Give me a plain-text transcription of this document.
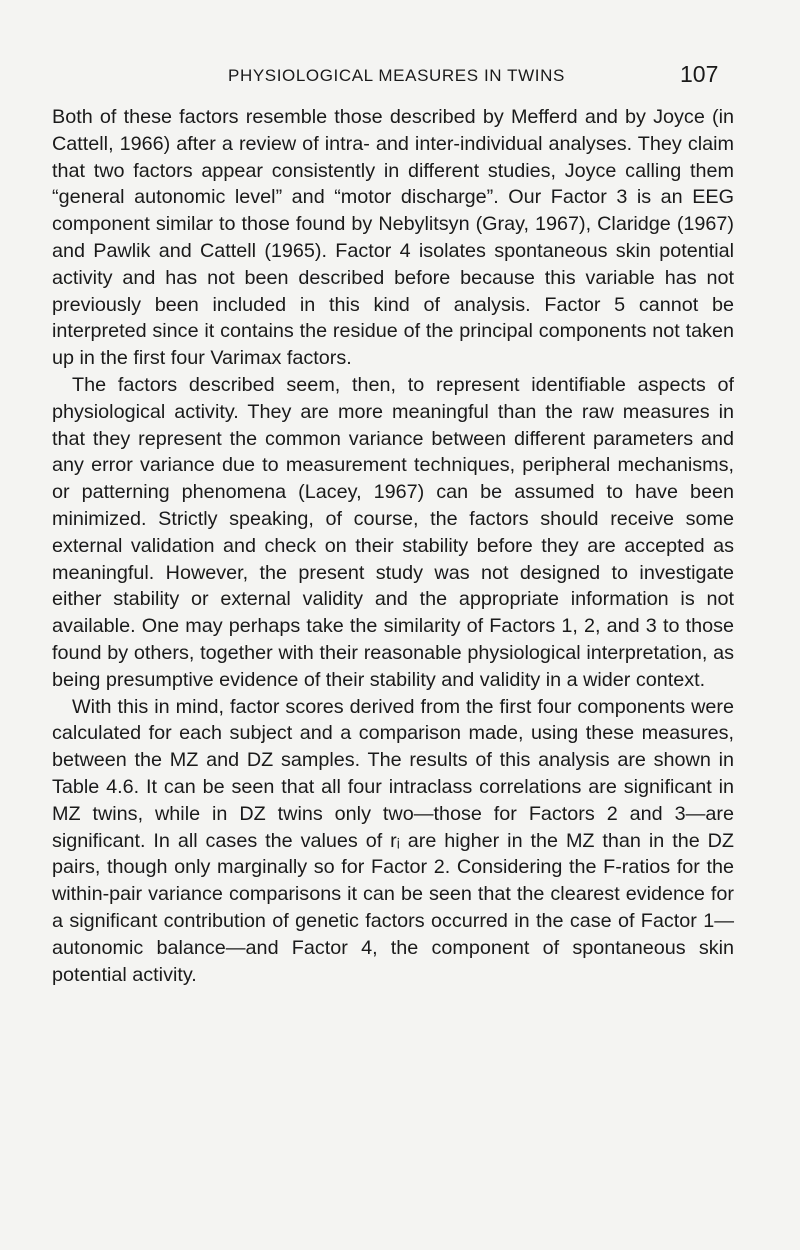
PHYSIOLOGICAL MEASURES IN TWINS	107

Both of these factors resemble those described by Mefferd and by Joyce (in Cattell, 1966) after a review of intra- and inter-individual analyses. They claim that two factors appear consistently in different studies, Joyce calling them “general autonomic level” and “motor discharge”. Our Factor 3 is an EEG component similar to those found by Nebylitsyn (Gray, 1967), Claridge (1967) and Pawlik and Cattell (1965). Factor 4 isolates spontaneous skin potential activity and has not been described before because this variable has not previously been included in this kind of analysis. Factor 5 cannot be interpreted since it contains the residue of the principal components not taken up in the first four Varimax factors.

The factors described seem, then, to represent identifiable aspects of physiological activity. They are more meaningful than the raw measures in that they represent the common variance between different parameters and any error variance due to measurement techniques, peripheral mechanisms, or patterning phenomena (Lacey, 1967) can be assumed to have been minimized. Strictly speaking, of course, the factors should receive some external validation and check on their stability before they are accepted as meaningful. However, the present study was not designed to investigate either stability or external validity and the appropriate information is not available. One may perhaps take the similarity of Factors 1, 2, and 3 to those found by others, together with their reasonable physiological interpretation, as being presumptive evidence of their stability and validity in a wider context.

With this in mind, factor scores derived from the first four components were calculated for each subject and a comparison made, using these measures, between the MZ and DZ samples. The results of this analysis are shown in Table 4.6. It can be seen that all four intraclass correlations are significant in MZ twins, while in DZ twins only two—those for Factors 2 and 3—are significant. In all cases the values of rᵢ are higher in the MZ than in the DZ pairs, though only marginally so for Factor 2. Considering the F-ratios for the within-pair variance comparisons it can be seen that the clearest evidence for a significant contribution of genetic factors occurred in the case of Factor 1—autonomic balance—and Factor 4, the component of spontaneous skin potential activity.
